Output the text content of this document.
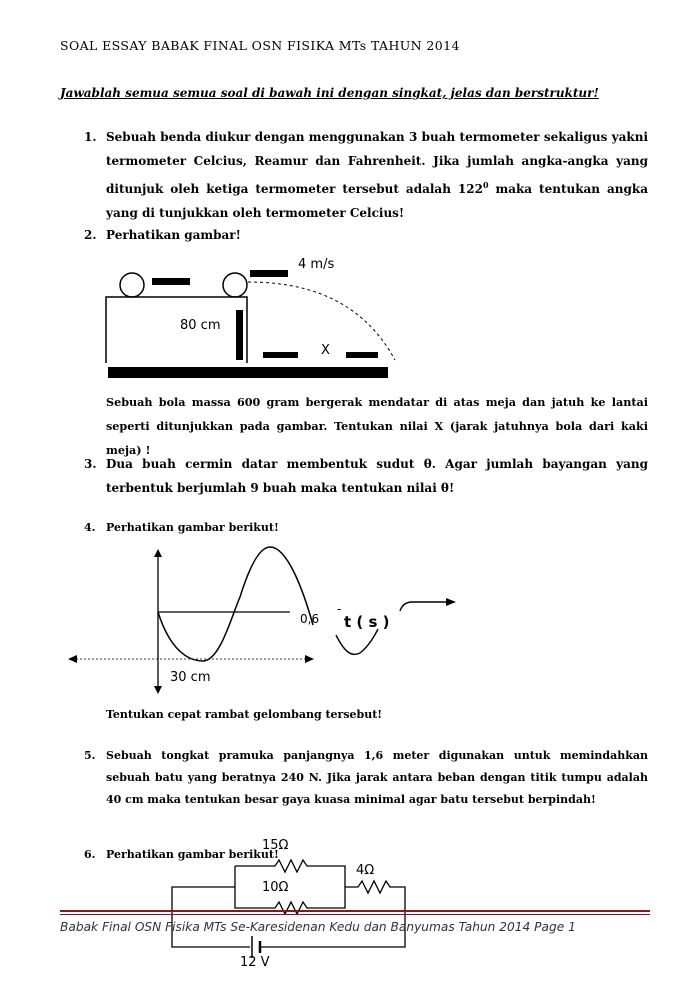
SOAL ESSAY BABAK FINAL OSN FISIKA MTs TAHUN 2014
Jawablah semua semua soal di bawah ini dengan singkat, jelas dan berstruktur!
1. Sebuah benda diukur dengan menggunakan 3 buah termometer sekaligus yakni termometer Celcius, Reamur dan Fahrenheit. Jika jumlah angka-angka yang ditunjuk oleh ketiga termometer tersebut adalah $122^0$ maka tentukan angka yang di tunjukkan oleh termometer Celcius!
2. Perhatikan gambar!
4 m/s
80 cm
X
Sebuah bola massa 600 gram bergerak mendatar di atas meja dan jatuh ke lantai seperti ditunjukkan pada gambar. Tentukan nilai X (jarak jatuhnya bola dari kaki meja) !
3. Dua buah cermin datar membentuk sudut θ. Agar jumlah bayangan yang terbentuk berjumlah 9 buah maka tentukan nilai θ!
4. Perhatikan gambar berikut!
0,6
-
t ( s )
30 cm
Tentukan cepat rambat gelombang tersebut!
5. Sebuah tongkat pramuka panjangnya 1,6 meter digunakan untuk memindahkan sebuah batu yang beratnya 240 N. Jika jarak antara beban dengan titik tumpu adalah 40 cm maka tentukan besar gaya kuasa minimal agar batu tersebut berpindah!
6. Perhatikan gambar berikut!
15Ω
10Ω
4Ω
12 V
Babak Final OSN Fisika MTs Se-Karesidenan Kedu dan Banyumas Tahun 2014 Page 1
